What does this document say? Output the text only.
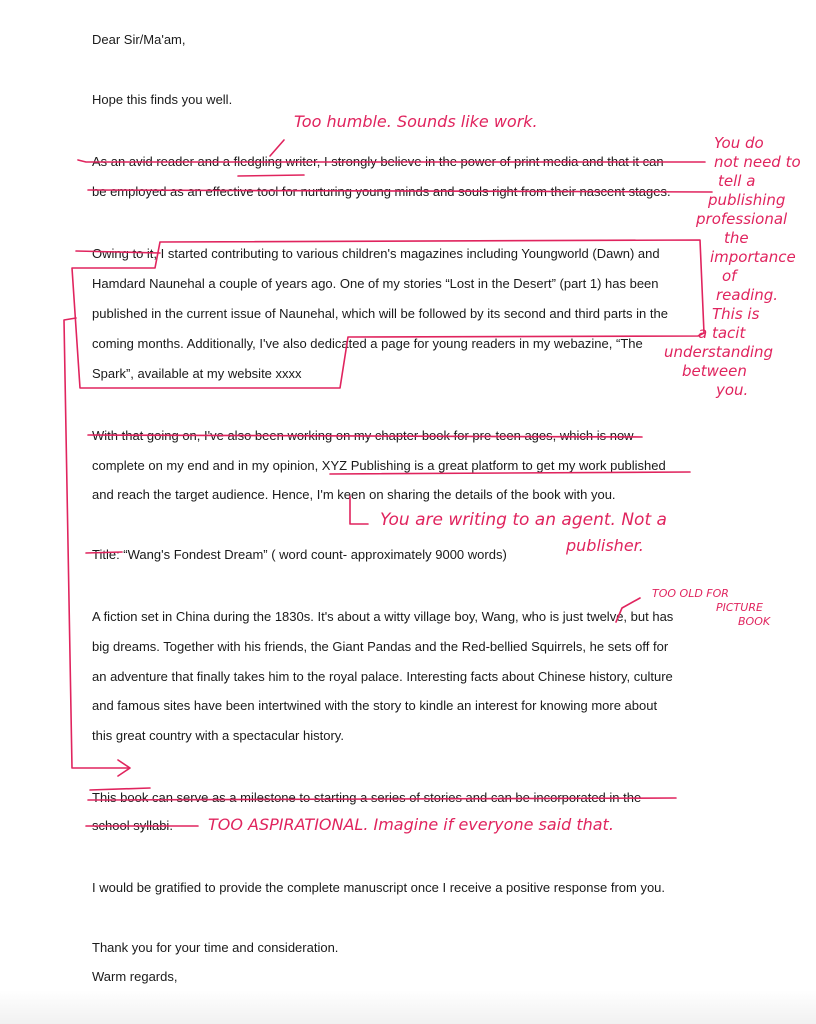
Dear Sir/Ma'am,
Hope this finds you well.
As an avid reader and a fledgling writer, I strongly believe in the power of print media and that it can
be employed as an effective tool for nurturing young minds and souls right from their nascent stages.
Owing to it, I started contributing to various children's magazines including Youngworld (Dawn) and
Hamdard Naunehal a couple of years ago. One of my stories “Lost in the Desert” (part 1) has been
published in the current issue of Naunehal, which will be followed by its second and third parts in the
coming months. Additionally, I've also dedicated a page for young readers in my webazine, “The
Spark”, available at my website xxxx
With that going on, I've also been working on my chapter book for pre-teen ages, which is now
complete on my end and in my opinion, XYZ Publishing is a great platform to get my work published
and reach the target audience. Hence, I'm keen on sharing the details of the book with you.
Title: “Wang's Fondest Dream” ( word count- approximately 9000 words)
A fiction set in China during the 1830s. It's about a witty village boy, Wang, who is just twelve, but has
big dreams. Together with his friends, the Giant Pandas and the Red-bellied Squirrels, he sets off for
an adventure that finally takes him to the royal palace. Interesting facts about Chinese history, culture
and famous sites have been intertwined with the story to kindle an interest for knowing more about
this great country with a spectacular history.
This book can serve as a milestone to starting a series of stories and can be incorporated in the
school syllabi.
I would be gratified to provide the complete manuscript once I receive a positive response from you.
Thank you for your time and consideration.
Warm regards,
Too humble. Sounds like work.
You do
not need to
tell a
publishing
professional
the
importance
of
reading.
This is
a tacit
understanding
between
you.
You are writing to an agent. Not a
publisher.
TOO OLD FOR
PICTURE
BOOK
TOO ASPIRATIONAL. Imagine if everyone said that.
